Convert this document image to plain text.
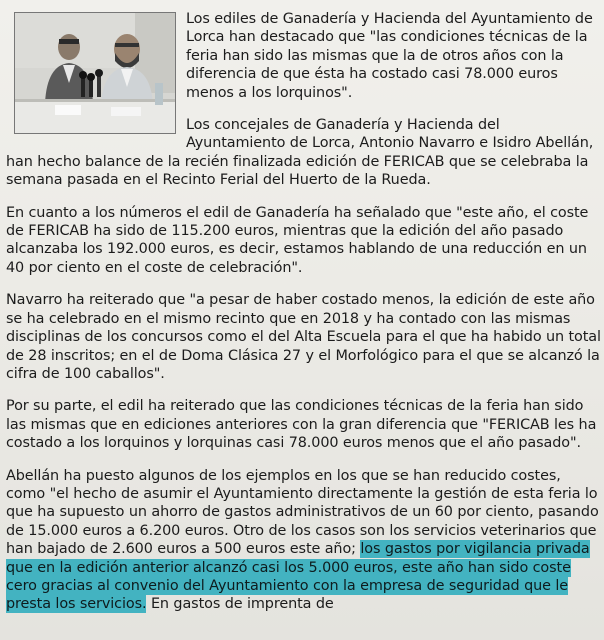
Los ediles de Ganadería y Hacienda del Ayuntamiento de Lorca han destacado que "las condiciones técnicas de la feria han sido las mismas que la de otros años con la diferencia de que ésta ha costado casi 78.000 euros menos a los lorquinos".

Los concejales de Ganadería y Hacienda del Ayuntamiento de Lorca, Antonio Navarro e Isidro Abellán, han hecho balance de la recién finalizada edición de FERICAB que se celebraba la semana pasada en el Recinto Ferial del Huerto de la Rueda.

En cuanto a los números el edil de Ganadería ha señalado que "este año, el coste de FERICAB ha sido de 115.200 euros, mientras que la edición del año pasado alcanzaba los 192.000 euros, es decir, estamos hablando de una reducción en un 40 por ciento en el coste de celebración".

Navarro ha reiterado que "a pesar de haber costado menos, la edición de este año se ha celebrado en el mismo recinto que en 2018 y ha contado con las mismas disciplinas de los concursos como el del Alta Escuela para el que ha habido un total de 28 inscritos; en el de Doma Clásica 27 y el Morfológico para el que se alcanzó la cifra de 100 caballos".

Por su parte, el edil ha reiterado que las condiciones técnicas de la feria han sido las mismas que en ediciones anteriores con la gran diferencia que "FERICAB les ha costado a los lorquinos y lorquinas casi 78.000 euros menos que el año pasado".

Abellán ha puesto algunos de los ejemplos en los que se han reducido costes, como "el hecho de asumir el Ayuntamiento directamente la gestión de esta feria lo que ha supuesto un ahorro de gastos administrativos de un 60 por ciento, pasando de 15.000 euros a 6.200 euros. Otro de los casos son los servicios veterinarios que han bajado de 2.600 euros a 500 euros este año; los gastos por vigilancia privada que en la edición anterior alcanzó casi los 5.000 euros, este año han sido coste cero gracias al convenio del Ayuntamiento con la empresa de seguridad que le presta los servicios. En gastos de imprenta de
